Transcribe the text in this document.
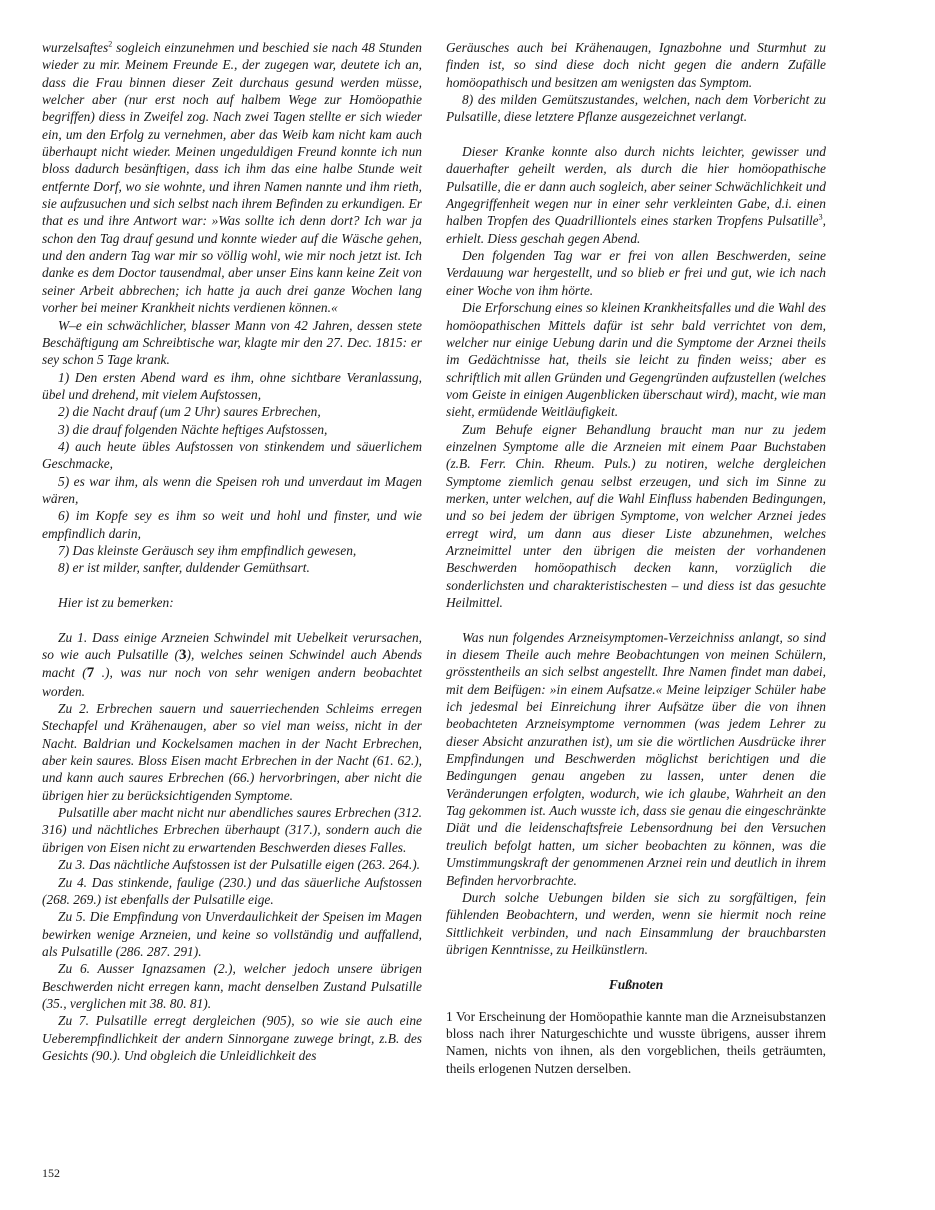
wurzelsaftes$^2$ sogleich einzunehmen und beschied sie nach 48 Stunden wieder zu mir. Meinem Freunde E., der zugegen war, deutete ich an, dass die Frau binnen dieser Zeit durchaus gesund werden müsse, welcher aber (nur erst noch auf halbem Wege zur Homöopathie begriffen) diess in Zweifel zog. Nach zwei Tagen stellte er sich wieder ein, um den Erfolg zu vernehmen, aber das Weib kam nicht kam auch überhaupt nicht wieder. Meinen ungeduldigen Freund konnte ich nun bloss dadurch besänftigen, dass ich ihm das eine halbe Stunde weit entfernte Dorf, wo sie wohnte, und ihren Namen nannte und ihm rieth, sie aufzusuchen und sich selbst nach ihrem Befinden zu erkundigen. Er that es und ihre Antwort war: »Was sollte ich denn dort? Ich war ja schon den Tag drauf gesund und konnte wieder auf die Wäsche gehen, und den andern Tag war mir so völlig wohl, wie mir noch jetzt ist. Ich danke es dem Doctor tausendmal, aber unser Eins kann keine Zeit von seiner Arbeit abbrechen; ich hatte ja auch drei ganze Wochen lang vorher bei meiner Krankheit nichts verdienen können.«

W–e ein schwächlicher, blasser Mann von 42 Jahren, dessen stete Beschäftigung am Schreibtische war, klagte mir den 27. Dec. 1815: er sey schon 5 Tage krank.

1) Den ersten Abend ward es ihm, ohne sichtbare Veranlassung, übel und drehend, mit vielem Aufstossen,

2) die Nacht drauf (um 2 Uhr) saures Erbrechen,

3) die drauf folgenden Nächte heftiges Aufstossen,

4) auch heute übles Aufstossen von stinkendem und säuerlichem Geschmacke,

5) es war ihm, als wenn die Speisen roh und unverdaut im Magen wären,

6) im Kopfe sey es ihm so weit und hohl und finster, und wie empfindlich darin,

7) Das kleinste Geräusch sey ihm empfindlich gewesen,

8) er ist milder, sanfter, duldender Gemüthsart.

Hier ist zu bemerken:

Zu 1. Dass einige Arzneien Schwindel mit Uebelkeit verursachen, so wie auch Pulsatille (3), welches seinen Schwindel auch Abends macht (7 .), was nur noch von sehr wenigen andern beobachtet worden.

Zu 2. Erbrechen sauern und sauerriechenden Schleims erregen Stechapfel und Krähenaugen, aber so viel man weiss, nicht in der Nacht. Baldrian und Kockelsamen machen in der Nacht Erbrechen, aber kein saures. Bloss Eisen macht Erbrechen in der Nacht (61. 62.), und kann auch saures Erbrechen (66.) hervorbringen, aber nicht die übrigen hier zu berücksichtigenden Symptome.

Pulsatille aber macht nicht nur abendliches saures Erbrechen (312. 316) und nächtliches Erbrechen überhaupt (317.), sondern auch die übrigen von Eisen nicht zu erwartenden Beschwerden dieses Falles.

Zu 3. Das nächtliche Aufstossen ist der Pulsatille eigen (263. 264.).

Zu 4. Das stinkende, faulige (230.) und das säuerliche Aufstossen (268. 269.) ist ebenfalls der Pulsatille eige.

Zu 5. Die Empfindung von Unverdaulichkeit der Speisen im Magen bewirken wenige Arzneien, und keine so vollständig und auffallend, als Pulsatille (286. 287. 291).

Zu 6. Ausser Ignazsamen (2.), welcher jedoch unsere übrigen Beschwerden nicht erregen kann, macht denselben Zustand Pulsatille (35., verglichen mit 38. 80. 81).

Zu 7. Pulsatille erregt dergleichen (905), so wie sie auch eine Ueberempfindlichkeit der andern Sinnorgane zuwege bringt, z.B. des Gesichts (90.). Und obgleich die Unleidlichkeit des

Geräusches auch bei Krähenaugen, Ignazbohne und Sturmhut zu finden ist, so sind diese doch nicht gegen die andern Zufälle homöopathisch und besitzen am wenigsten das Symptom.

8) des milden Gemütszustandes, welchen, nach dem Vorbericht zu Pulsatille, diese letztere Pflanze ausgezeichnet verlangt.

Dieser Kranke konnte also durch nichts leichter, gewisser und dauerhafter geheilt werden, als durch die hier homöopathische Pulsatille, die er dann auch sogleich, aber seiner Schwächlichkeit und Angegriffenheit wegen nur in einer sehr verkleinten Gabe, d.i. einen halben Tropfen des Quadrilliontels eines starken Tropfens Pulsatille$^3$, erhielt. Diess geschah gegen Abend.

Den folgenden Tag war er frei von allen Beschwerden, seine Verdauung war hergestellt, und so blieb er frei und gut, wie ich nach einer Woche von ihm hörte.

Die Erforschung eines so kleinen Krankheitsfalles und die Wahl des homöopathischen Mittels dafür ist sehr bald verrichtet von dem, welcher nur einige Uebung darin und die Symptome der Arznei theils im Gedächtnisse hat, theils sie leicht zu finden weiss; aber es schriftlich mit allen Gründen und Gegengründen aufzustellen (welches vom Geiste in einigen Augenblicken überschaut wird), macht, wie man sieht, ermüdende Weitläufigkeit.

Zum Behufe eigner Behandlung braucht man nur zu jedem einzelnen Symptome alle die Arzneien mit einem Paar Buchstaben (z.B. Ferr. Chin. Rheum. Puls.) zu notiren, welche dergleichen Symptome ziemlich genau selbst erzeugen, und sich im Sinne zu merken, unter welchen, auf die Wahl Einfluss habenden Bedingungen, und so bei jedem der übrigen Symptome, von welcher Arznei jedes erregt wird, um dann aus dieser Liste abzunehmen, welches Arzneimittel unter den übrigen die meisten der vorhandenen Beschwerden homöopathisch decken kann, vorzüglich die sonderlichsten und charakteristischesten – und diess ist das gesuchte Heilmittel.

Was nun folgendes Arzneisymptomen-Verzeichniss anlangt, so sind in diesem Theile auch mehre Beobachtungen von meinen Schülern, grösstentheils an sich selbst angestellt. Ihre Namen findet man dabei, mit dem Beifügen: »in einem Aufsatze.« Meine leipziger Schüler habe ich jedesmal bei Einreichung ihrer Aufsätze über die von ihnen beobachteten Arzneisymptome vernommen (was jedem Lehrer zu dieser Absicht anzurathen ist), um sie die wörtlichen Ausdrücke ihrer Empfindungen und Beschwerden möglichst berichtigen und die Bedingungen genau angeben zu lassen, unter denen die Veränderungen erfolgten, wodurch, wie ich glaube, Wahrheit an den Tag gekommen ist. Auch wusste ich, dass sie genau die eingeschränkte Diät und die leidenschaftsfreie Lebensordnung bei den Versuchen treulich befolgt hatten, um sicher beobachten zu können, was die Umstimmungskraft der genommenen Arznei rein und deutlich in ihrem Befinden hervorbrachte.

Durch solche Uebungen bilden sie sich zu sorgfältigen, fein fühlenden Beobachtern, und werden, wenn sie hiermit noch reine Sittlichkeit verbinden, und nach Einsammlung der brauchbarsten übrigen Kenntnisse, zu Heilkünstlern.

Fußnoten

1 Vor Erscheinung der Homöopathie kannte man die Arzneisubstanzen bloss nach ihrer Naturgeschichte und wusste übrigens, ausser ihrem Namen, nichts von ihnen, als den vorgeblichen, theils geträumten, theils erlogenen Nutzen derselben.

152
